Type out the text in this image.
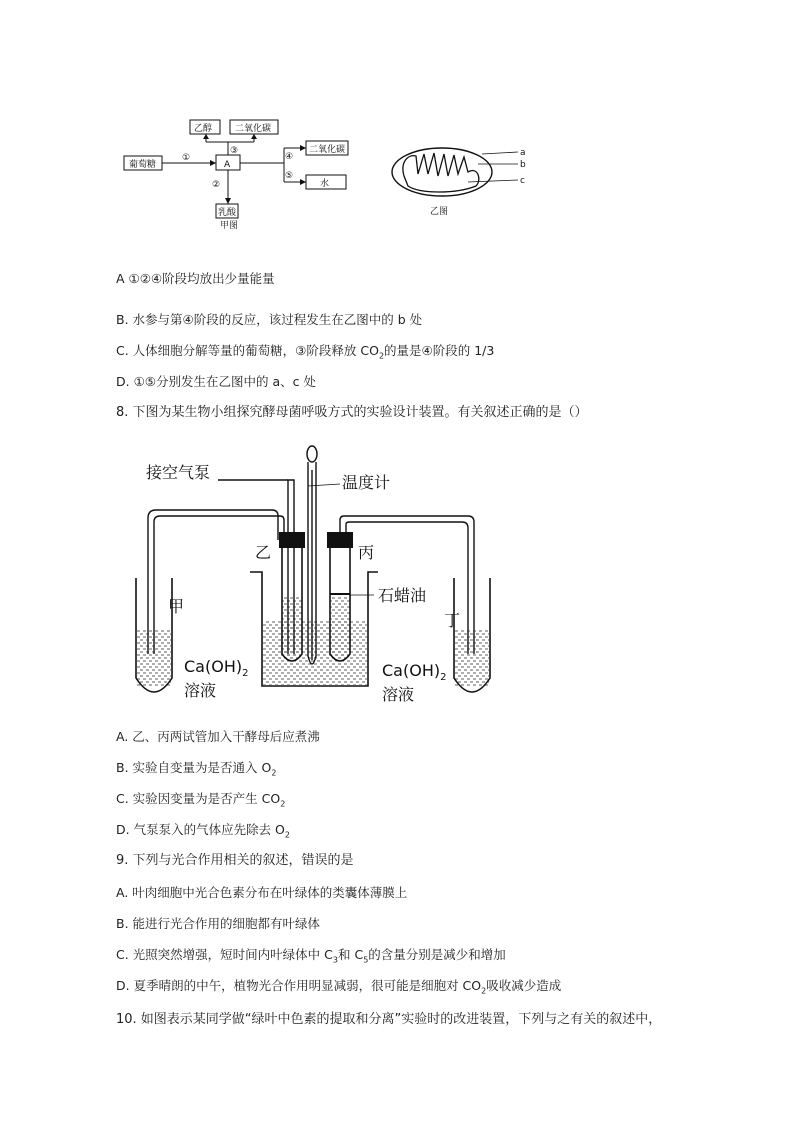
乙醇	二氧化碳
葡萄糖	A
二氧化碳
水
乳酸
①
②
③
④
⑤
甲图
a
b
c
乙图
A ①②④阶段均放出少量能量
B. 水参与第④阶段的反应，该过程发生在乙图中的 b 处
C. 人体细胞分解等量的葡萄糖，③阶段释放 $CO_2$的量是④阶段的 1/3
D. ①⑤分别发生在乙图中的 a、c 处
8. 下图为某生物小组探究酵母菌呼吸方式的实验设计装置。有关叙述正确的是（）
接空气泵
温度计
乙	丙
石蜡油
甲
丁
$Ca(OH)_2$
溶液
$Ca(OH)_2$
溶液
A. 乙、丙两试管加入干酵母后应煮沸
B. 实验自变量为是否通入 $O_2$
C. 实验因变量为是否产生 $CO_2$
D. 气泵泵入的气体应先除去 $O_2$
9. 下列与光合作用相关的叙述，错误的是
A. 叶肉细胞中光合色素分布在叶绿体的类囊体薄膜上
B. 能进行光合作用的细胞都有叶绿体
C. 光照突然增强，短时间内叶绿体中 $C_3$和 $C_5$的含量分别是减少和增加
D. 夏季晴朗的中午，植物光合作用明显减弱，很可能是细胞对 $CO_2$吸收减少造成
10. 如图表示某同学做“绿叶中色素的提取和分离”实验时的改进装置，下列与之有关的叙述中，
